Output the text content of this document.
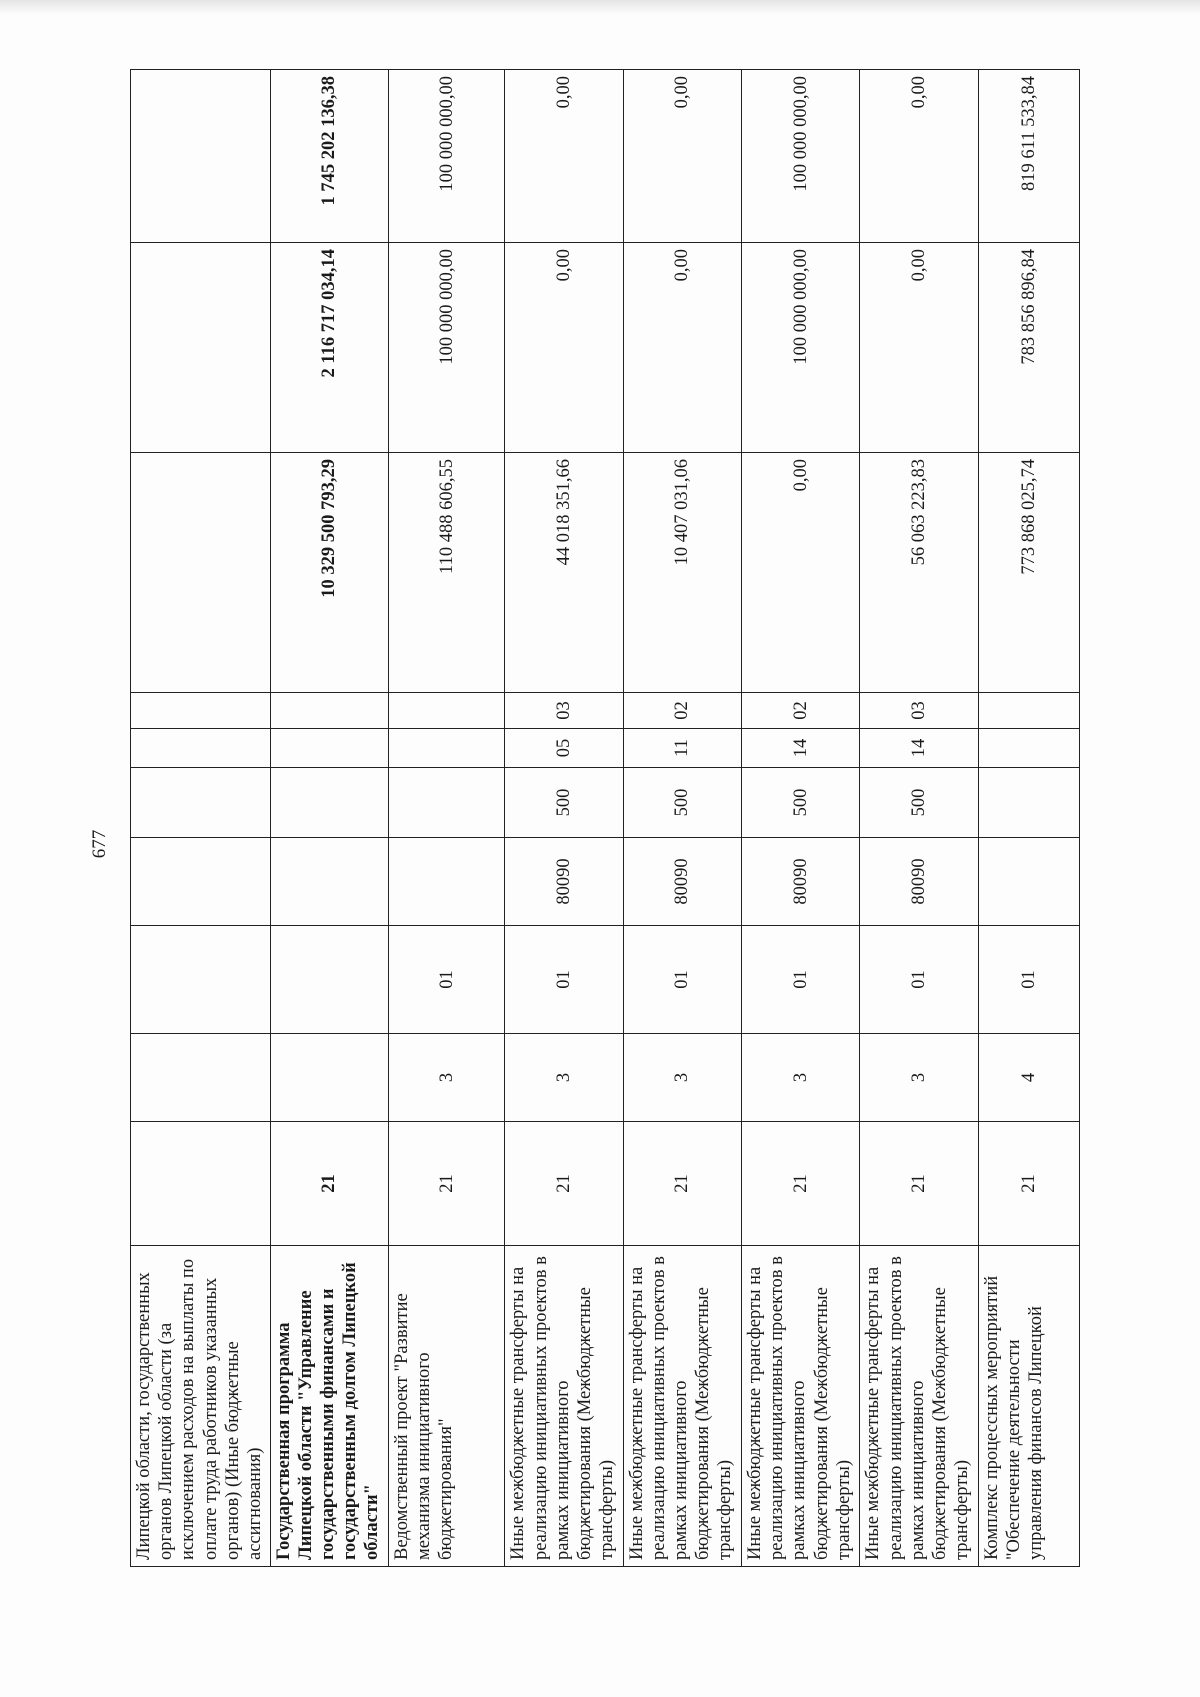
677
Липецкой области, государственных органов Липецкой области (за исключением расходов на выплаты по оплате труда работников указанных органов) (Иные бюджетные ассигнования)										
Государственная программа Липецкой области "Управление государственными финансами и государственным долгом Липецкой области"	21							10 329 500 793,29	2 116 717 034,14	1 745 202 136,38
Ведомственный проект "Развитие механизма инициативного бюджетирования"	21	3	01					110 488 606,55	100 000 000,00	100 000 000,00
Иные межбюджетные трансферты на реализацию инициативных проектов в рамках инициативного бюджетирования (Межбюджетные трансферты)	21	3	01	80090	500	05	03	44 018 351,66	0,00	0,00
Иные межбюджетные трансферты на реализацию инициативных проектов в рамках инициативного бюджетирования (Межбюджетные трансферты)	21	3	01	80090	500	11	02	10 407 031,06	0,00	0,00
Иные межбюджетные трансферты на реализацию инициативных проектов в рамках инициативного бюджетирования (Межбюджетные трансферты)	21	3	01	80090	500	14	02	0,00	100 000 000,00	100 000 000,00
Иные межбюджетные трансферты на реализацию инициативных проектов в рамках инициативного бюджетирования (Межбюджетные трансферты)	21	3	01	80090	500	14	03	56 063 223,83	0,00	0,00
Комплекс процессных мероприятий "Обеспечение деятельности управления финансов Липецкой	21	4	01					773 868 025,74	783 856 896,84	819 611 533,84
